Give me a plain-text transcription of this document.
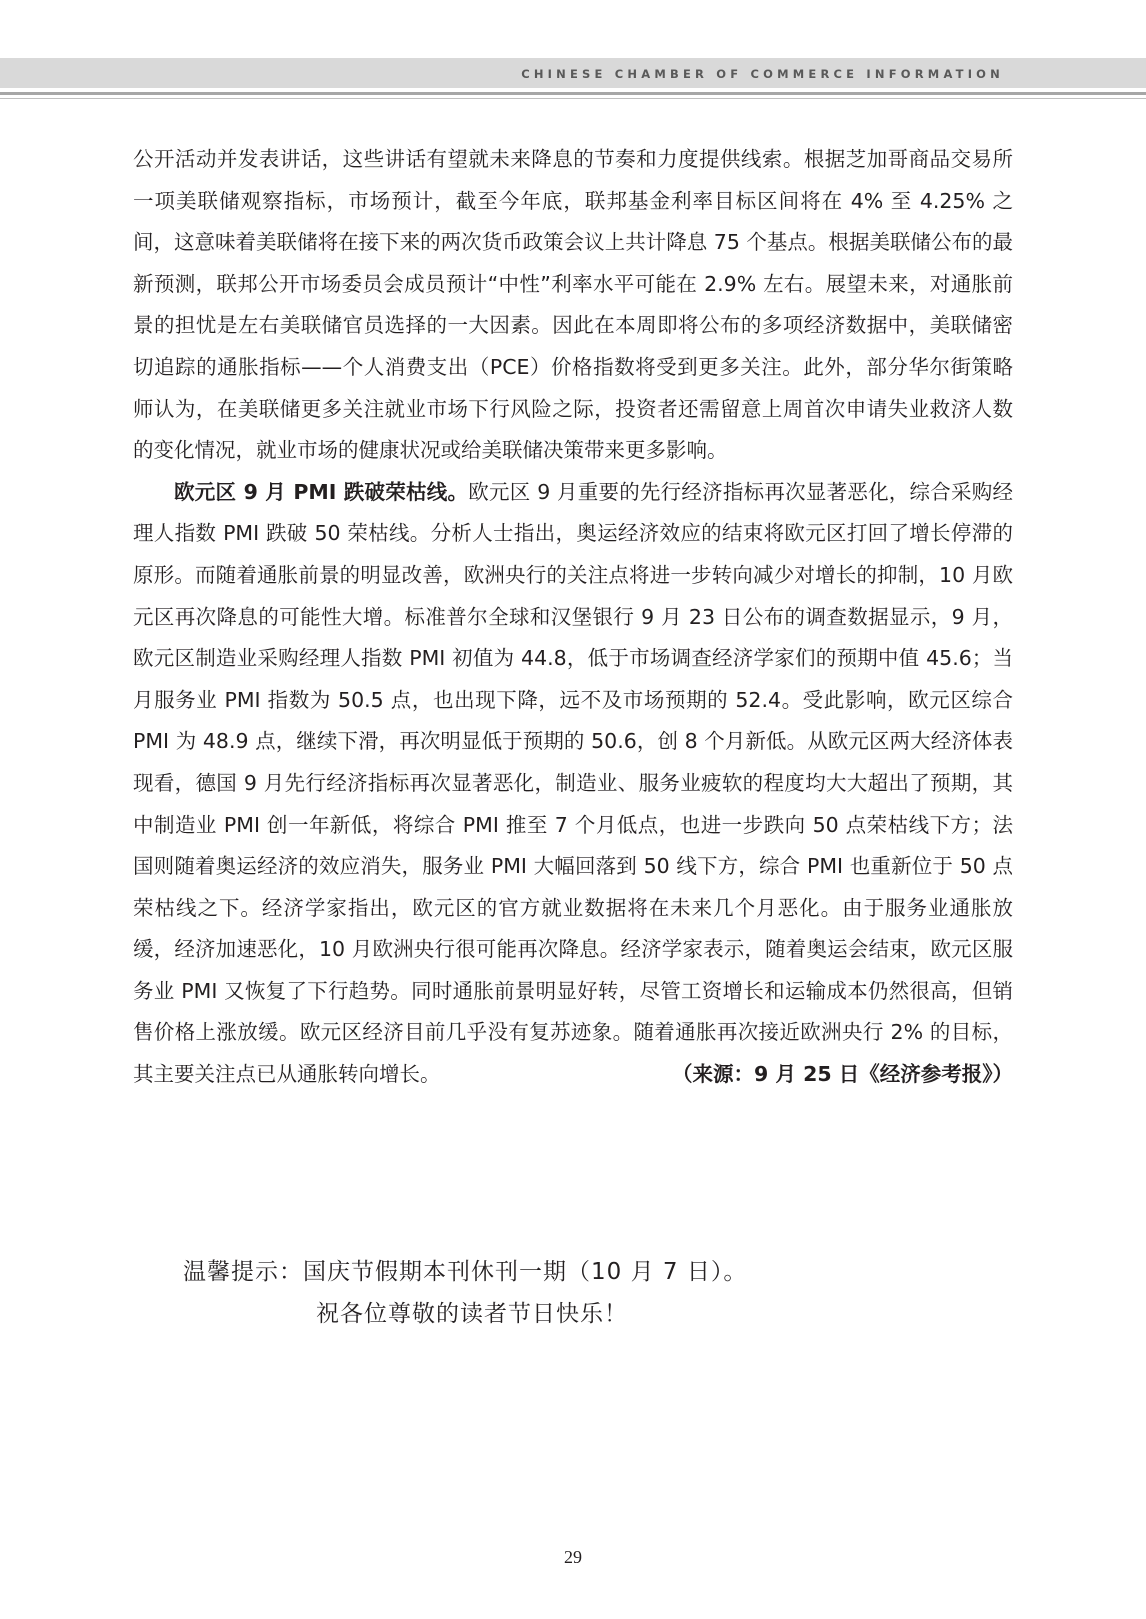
CHINESE CHAMBER OF COMMERCE INFORMATION

公开活动并发表讲话，这些讲话有望就未来降息的节奏和力度提供线索。根据芝加哥商品交易所一项美联储观察指标，市场预计，截至今年底，联邦基金利率目标区间将在 4% 至 4.25% 之间，这意味着美联储将在接下来的两次货币政策会议上共计降息 75 个基点。根据美联储公布的最新预测，联邦公开市场委员会成员预计“中性”利率水平可能在 2.9% 左右。展望未来，对通胀前景的担忧是左右美联储官员选择的一大因素。因此在本周即将公布的多项经济数据中，美联储密切追踪的通胀指标——个人消费支出（PCE）价格指数将受到更多关注。此外，部分华尔街策略师认为，在美联储更多关注就业市场下行风险之际，投资者还需留意上周首次申请失业救济人数的变化情况，就业市场的健康状况或给美联储决策带来更多影响。

欧元区 9 月 PMI 跌破荣枯线。欧元区 9 月重要的先行经济指标再次显著恶化，综合采购经理人指数 PMI 跌破 50 荣枯线。分析人士指出，奥运经济效应的结束将欧元区打回了增长停滞的原形。而随着通胀前景的明显改善，欧洲央行的关注点将进一步转向减少对增长的抑制，10 月欧元区再次降息的可能性大增。标准普尔全球和汉堡银行 9 月 23 日公布的调查数据显示，9 月，欧元区制造业采购经理人指数 PMI 初值为 44.8，低于市场调查经济学家们的预期中值 45.6；当月服务业 PMI 指数为 50.5 点，也出现下降，远不及市场预期的 52.4。受此影响，欧元区综合 PMI 为 48.9 点，继续下滑，再次明显低于预期的 50.6，创 8 个月新低。从欧元区两大经济体表现看，德国 9 月先行经济指标再次显著恶化，制造业、服务业疲软的程度均大大超出了预期，其中制造业 PMI 创一年新低，将综合 PMI 推至 7 个月低点，也进一步跌向 50 点荣枯线下方；法国则随着奥运经济的效应消失，服务业 PMI 大幅回落到 50 线下方，综合 PMI 也重新位于 50 点荣枯线之下。经济学家指出，欧元区的官方就业数据将在未来几个月恶化。由于服务业通胀放缓，经济加速恶化，10 月欧洲央行很可能再次降息。经济学家表示，随着奥运会结束，欧元区服务业 PMI 又恢复了下行趋势。同时通胀前景明显好转，尽管工资增长和运输成本仍然很高，但销售价格上涨放缓。欧元区经济目前几乎没有复苏迹象。随着通胀再次接近欧洲央行 2% 的目标，其主要关注点已从通胀转向增长。	（来源：9 月 25 日《经济参考报》）

温馨提示：国庆节假期本刊休刊一期（10 月 7 日）。
祝各位尊敬的读者节日快乐！
29
